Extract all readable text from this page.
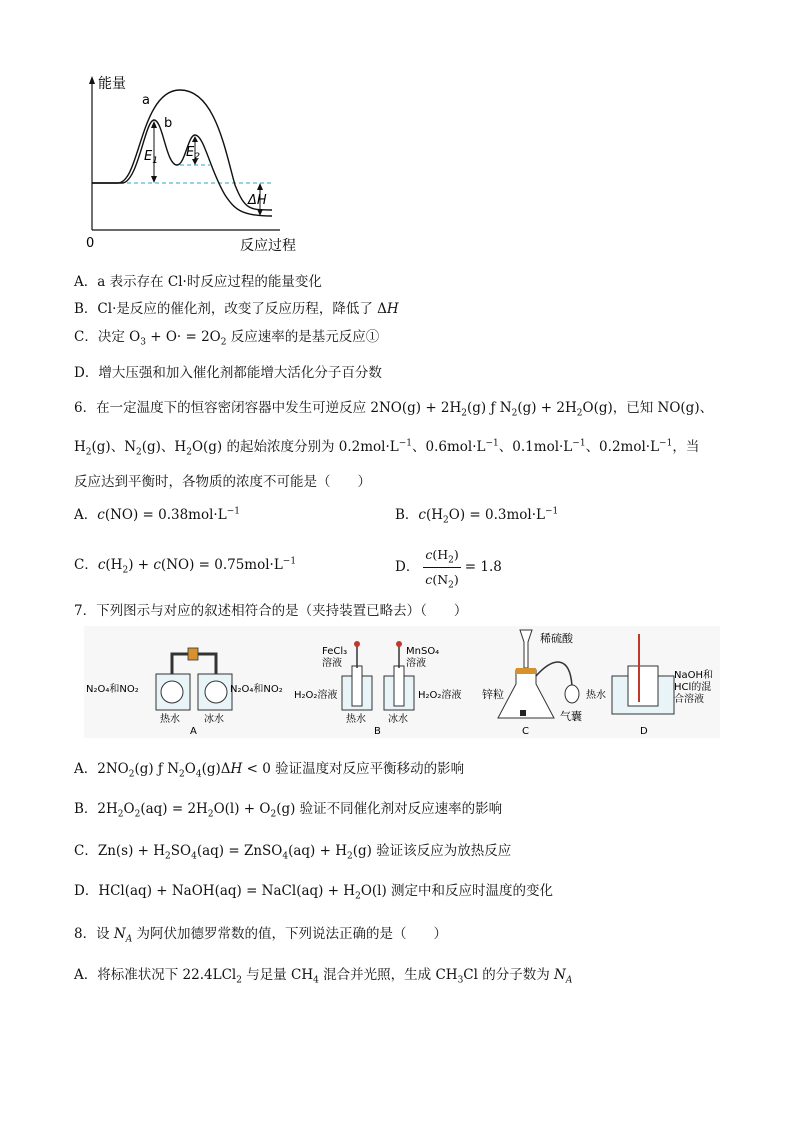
能量
反应过程
0
a
b
$E_1$
$E_2$
ΔH
A．a 表示存在 Cl·时反应过程的能量变化
B．Cl·是反应的催化剂，改变了反应历程，降低了 ΔH
C．决定 $O_3 + O\cdot = 2O_2$ 反应速率的是基元反应①
D．增大压强和加入催化剂都能增大活化分子百分数
6．在一定温度下的恒容密闭容器中发生可逆反应 $2NO(g) + 2H_2(g)$ ƒ $N_2(g) + 2H_2O(g)$，已知 NO(g)、
$H_2(g)$、$N_2(g)$、$H_2O(g)$ 的起始浓度分别为 $0.2mol\cdot L^{-1}$、$0.6mol\cdot L^{-1}$、$0.1mol\cdot L^{-1}$、$0.2mol\cdot L^{-1}$，当
反应达到平衡时，各物质的浓度不可能是（　　）
A．$c(NO) = 0.38mol\cdot L^{-1}$	B．$c(H_2O) = 0.3mol\cdot L^{-1}$
C．$c(H_2) + c(NO) = 0.75mol\cdot L^{-1}$	D． $\frac{c(H_2)}{c(N_2)} = 1.8$
7．下列图示与对应的叙述相符合的是（夹持装置已略去）（　　）
N₂O₄和NO₂	N₂O₄和NO₂
热水 冰水
A
FeCl₃
溶液
MnSO₄
溶液
H₂O₂溶液	H₂O₂溶液
热水 冰水
B
稀硫酸
锌粒
气囊
C
NaOH和
HCl的混
合溶液
热水
D
A．$2NO_2(g)$ ƒ $N_2O_4(g)\Delta H < 0$ 验证温度对反应平衡移动的影响
B．$2H_2O_2(aq) = 2H_2O(l) + O_2(g)$ 验证不同催化剂对反应速率的影响
C．$Zn(s) + H_2SO_4(aq)$ = ZnSO$_4$(aq) + $H_2(g)$ 验证该反应为放热反应
D．HCl(aq) + NaOH(aq) = NaCl(aq) + $H_2O(l)$ 测定中和反应时温度的变化
8．设 $N_A$ 为阿伏加德罗常数的值，下列说法正确的是（　　）
A．将标准状况下 22.4LCl$_2$ 与足量 $CH_4$ 混合并光照，生成 $CH_3Cl$ 的分子数为 $N_A$
